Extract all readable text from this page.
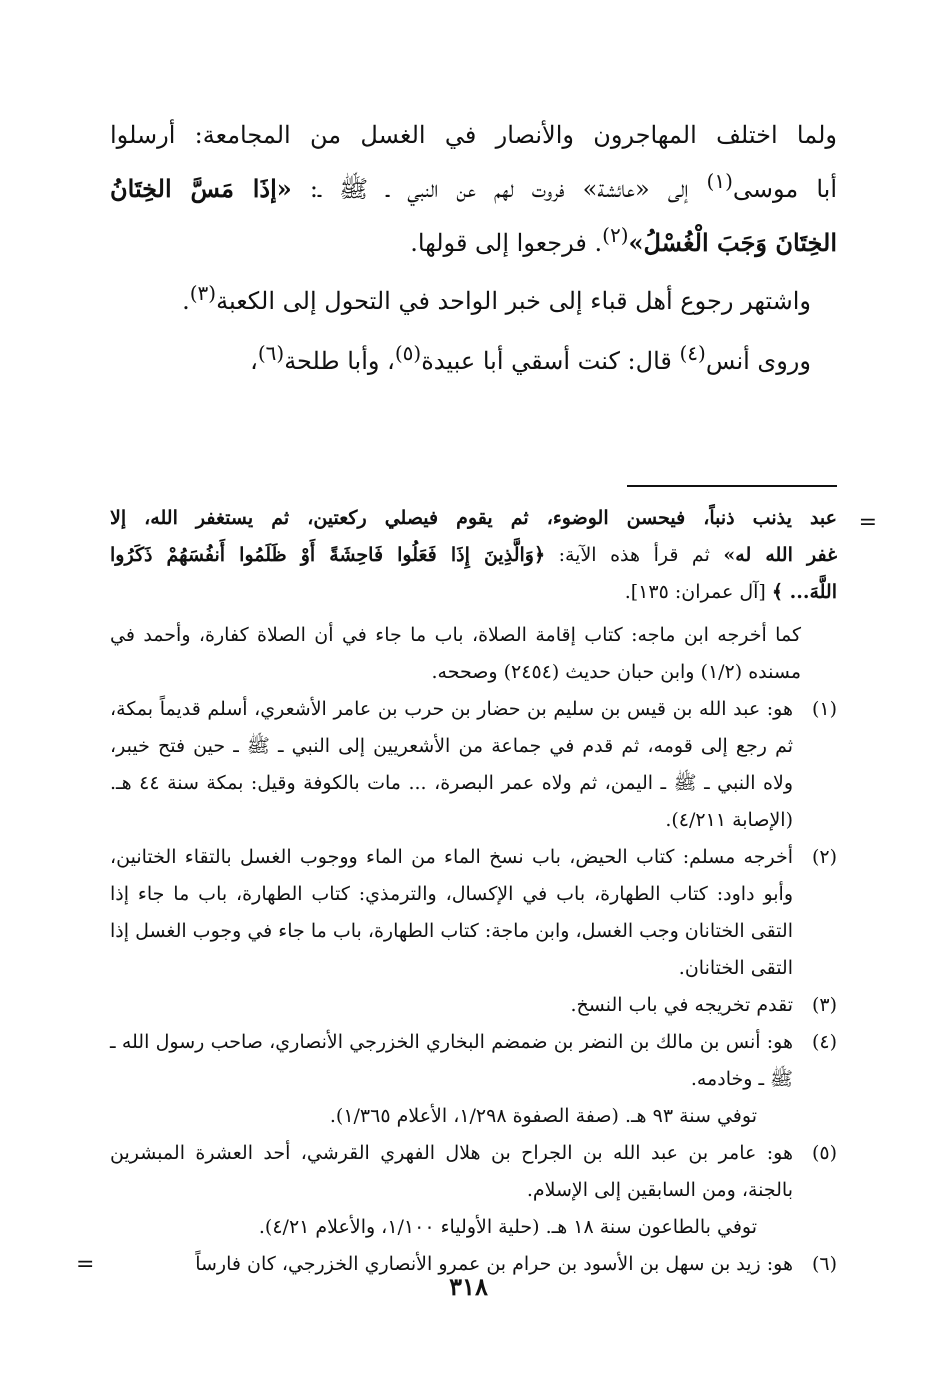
ولما اختلف المهاجرون والأنصار في الغسل من المجامعة: أرسلوا

أبا موسى$^{(١)}$ إلى «عائشة» فروت لهم عن النبي ـ ﷺ ـ: «إذَا مَسَّ الخِتَانُ

الخِتَانَ وَجَبَ الْغُسْلُ»$^{(٢)}$. فرجعوا إلى قولها.

واشتهر رجوع أهل قباء إلى خبر الواحد في التحول إلى الكعبة$^{(٣)}$.

وروى أنس$^{(٤)}$ قال: كنت أسقي أبا عبيدة$^{(٥)}$، وأبا طلحة$^{(٦)}$،

=

عبد يذنب ذنباً، فيحسن الوضوء، ثم يقوم فيصلي ركعتين، ثم يستغفر الله، إلا

غفر الله له» ثم قرأ هذه الآية: ﴿وَالَّذِينَ إِذَا فَعَلُوا فَاحِشَةً أَوْ ظَلَمُوا أَنفُسَهُمْ ذَكَرُوا

اللَّهَ... ﴾ [آل عمران: ١٣٥].

كما أخرجه ابن ماجه: كتاب إقامة الصلاة، باب ما جاء في أن الصلاة كفارة، وأحمد في مسنده (١/٢) وابن حبان حديث (٢٤٥٤) وصححه.

(١)

هو: عبد الله بن قيس بن سليم بن حضار بن حرب بن عامر الأشعري، أسلم قديماً بمكة، ثم رجع إلى قومه، ثم قدم في جماعة من الأشعريين إلى النبي ـ ﷺ ـ حين فتح خيبر، ولاه النبي ـ ﷺ ـ اليمن، ثم ولاه عمر البصرة، ... مات بالكوفة وقيل: بمكة سنة ٤٤ هـ. (الإصابة ٤/٢١١).

(٢)

أخرجه مسلم: كتاب الحيض، باب نسخ الماء من الماء ووجوب الغسل بالتقاء الختانين، وأبو داود: كتاب الطهارة، باب في الإكسال، والترمذي: كتاب الطهارة، باب ما جاء إذا التقى الختانان وجب الغسل، وابن ماجة: كتاب الطهارة، باب ما جاء في وجوب الغسل إذا التقى الختانان.

(٣)

تقدم تخريجه في باب النسخ.

(٤)

هو: أنس بن مالك بن النضر بن ضمضم البخاري الخزرجي الأنصاري، صاحب رسول الله ـ ﷺ ـ وخادمه.

توفي سنة ٩٣ هـ. (صفة الصفوة ١/٢٩٨، الأعلام ١/٣٦٥).

(٥)

هو: عامر بن عبد الله بن الجراح بن هلال الفهري القرشي، أحد العشرة المبشرين بالجنة، ومن السابقين إلى الإسلام.

توفي بالطاعون سنة ١٨ هـ. (حلية الأولياء ١/١٠٠، والأعلام ٤/٢١).

(٦)

هو: زيد بن سهل بن الأسود بن حرام بن عمرو الأنصاري الخزرجي، كان فارساً

=
٣١٨
